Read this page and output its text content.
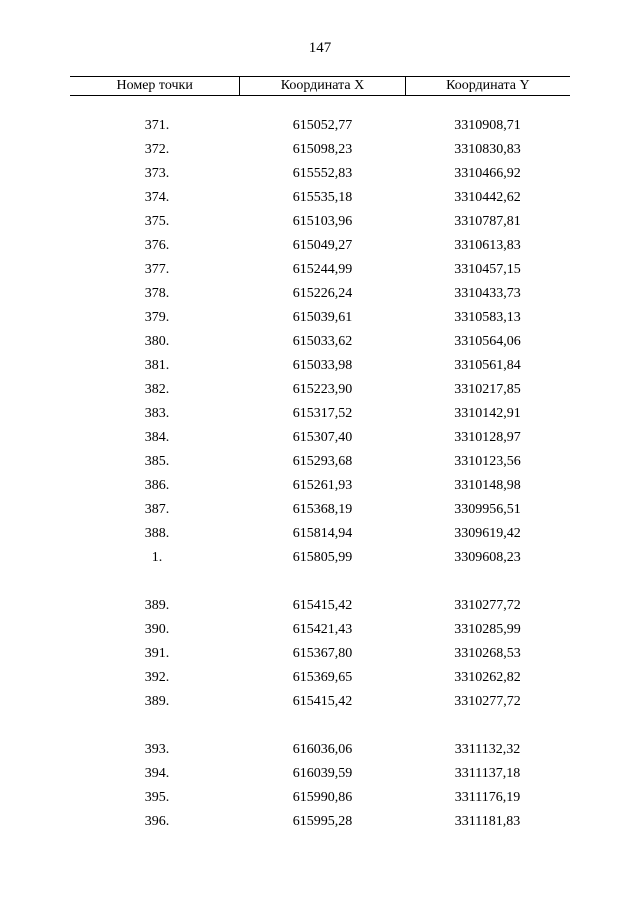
147
Номер точки	Координата X	Координата Y
371.	615052,77	3310908,71
372.	615098,23	3310830,83
373.	615552,83	3310466,92
374.	615535,18	3310442,62
375.	615103,96	3310787,81
376.	615049,27	3310613,83
377.	615244,99	3310457,15
378.	615226,24	3310433,73
379.	615039,61	3310583,13
380.	615033,62	3310564,06
381.	615033,98	3310561,84
382.	615223,90	3310217,85
383.	615317,52	3310142,91
384.	615307,40	3310128,97
385.	615293,68	3310123,56
386.	615261,93	3310148,98
387.	615368,19	3309956,51
388.	615814,94	3309619,42
1.	615805,99	3309608,23
389.	615415,42	3310277,72
390.	615421,43	3310285,99
391.	615367,80	3310268,53
392.	615369,65	3310262,82
389.	615415,42	3310277,72
393.	616036,06	3311132,32
394.	616039,59	3311137,18
395.	615990,86	3311176,19
396.	615995,28	3311181,83
